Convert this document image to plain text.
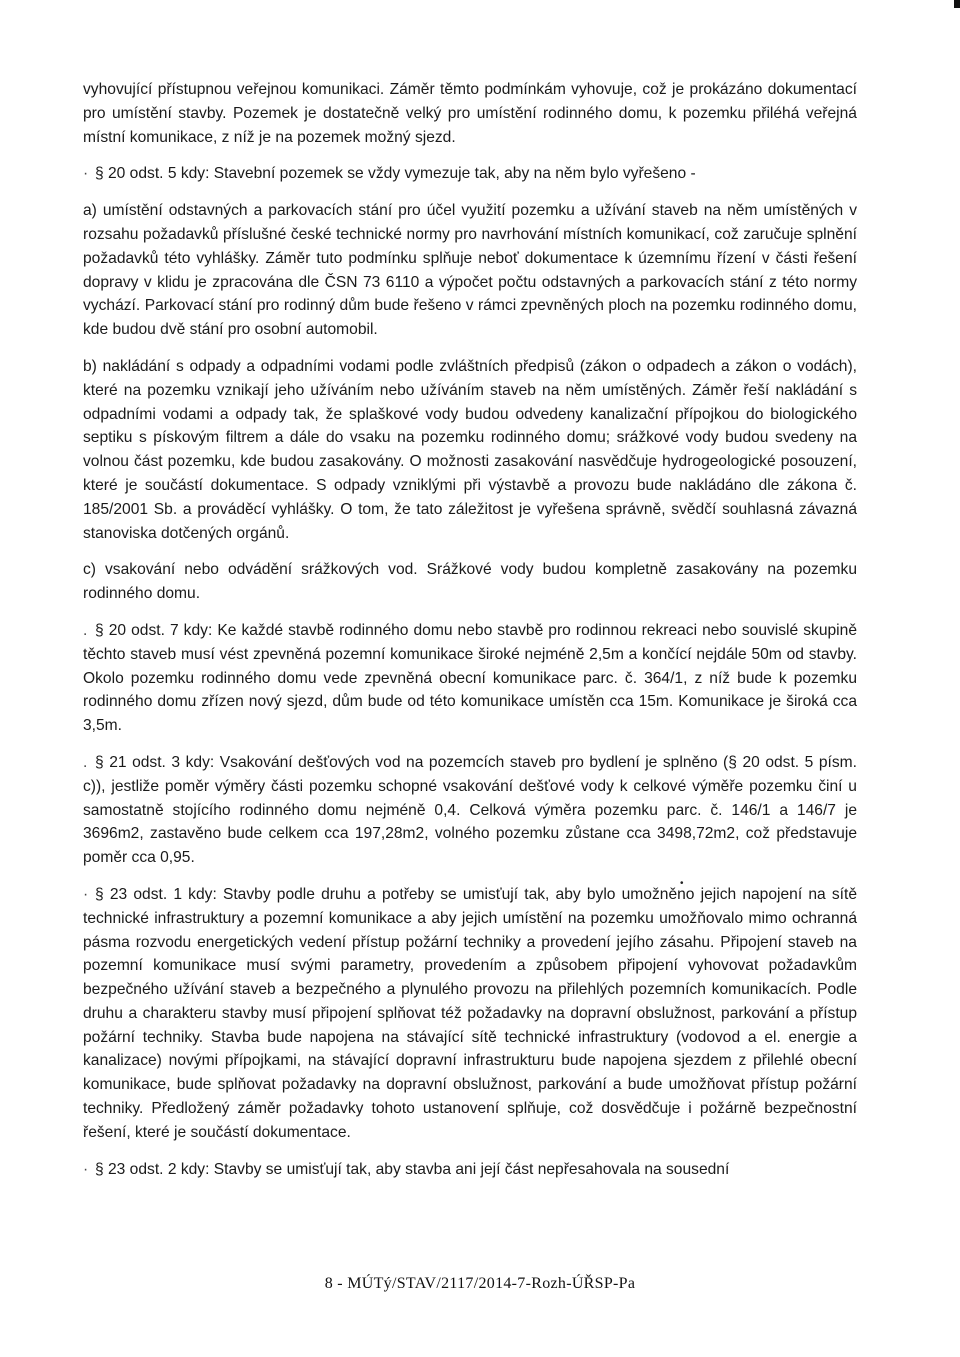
vyhovující přístupnou veřejnou komunikaci. Záměr těmto podmínkám vyhovuje, což je prokázáno dokumentací pro umístění stavby. Pozemek je dostatečně velký pro umístění rodinného domu, k pozemku přiléhá veřejná místní komunikace, z níž je na pozemek možný sjezd.

· § 20 odst. 5 kdy: Stavební pozemek se vždy vymezuje tak, aby na něm bylo vyřešeno -

a) umístění odstavných a parkovacích stání pro účel využití pozemku a užívání staveb na něm umístěných v rozsahu požadavků příslušné české technické normy pro navrhování místních komunikací, což zaručuje splnění požadavků této vyhlášky. Záměr tuto podmínku splňuje neboť dokumentace k územnímu řízení v části řešení dopravy v klidu je zpracována dle ČSN 73 6110 a výpočet počtu odstavných a parkovacích stání z této normy vychází. Parkovací stání pro rodinný dům bude řešeno v rámci zpevněných ploch na pozemku rodinného domu, kde budou dvě stání pro osobní automobil.

b) nakládání s odpady a odpadními vodami podle zvláštních předpisů (zákon o odpadech a zákon o vodách), které na pozemku vznikají jeho užíváním nebo užíváním staveb na něm umístěných. Záměr řeší nakládání s odpadními vodami a odpady tak, že splaškové vody budou odvedeny kanalizační přípojkou do biologického septiku s pískovým filtrem a dále do vsaku na pozemku rodinného domu; srážkové vody budou svedeny na volnou část pozemku, kde budou zasakovány. O možnosti zasakování nasvědčuje hydrogeologické posouzení, které je součástí dokumentace. S odpady vzniklými při výstavbě a provozu bude nakládáno dle zákona č. 185/2001 Sb. a prováděcí vyhlášky. O tom, že tato záležitost je vyřešena správně, svědčí souhlasná závazná stanoviska dotčených orgánů.

c) vsakování nebo odvádění srážkových vod. Srážkové vody budou kompletně zasakovány na pozemku rodinného domu.

. § 20 odst. 7 kdy: Ke každé stavbě rodinného domu nebo stavbě pro rodinnou rekreaci nebo souvislé skupině těchto staveb musí vést zpevněná pozemní komunikace široké nejméně 2,5m a končící nejdále 50m od stavby. Okolo pozemku rodinného domu vede zpevněná obecní komunikace parc. č. 364/1, z níž bude k pozemku rodinného domu zřízen nový sjezd, dům bude od této komunikace umístěn cca 15m. Komunikace je široká cca 3,5m.

. § 21 odst. 3 kdy: Vsakování dešťových vod na pozemcích staveb pro bydlení je splněno (§ 20 odst. 5 písm. c)), jestliže poměr výměry části pozemku schopné vsakování dešťové vody k celkové výměře pozemku činí u samostatně stojícího rodinného domu nejméně 0,4. Celková výměra pozemku parc. č. 146/1 a 146/7 je 3696m2, zastavěno bude celkem cca 197,28m2, volného pozemku zůstane cca 3498,72m2, což představuje poměr cca 0,95.

· § 23 odst. 1 kdy: Stavby podle druhu a potřeby se umisťují tak, aby bylo umožněno jejich napojení na sítě technické infrastruktury a pozemní komunikace a aby jejich umístění na pozemku umožňovalo mimo ochranná pásma rozvodu energetických vedení přístup požární techniky a provedení jejího zásahu. Připojení staveb na pozemní komunikace musí svými parametry, provedením a způsobem připojení vyhovovat požadavkům bezpečného užívání staveb a bezpečného a plynulého provozu na přilehlých pozemních komunikacích. Podle druhu a charakteru stavby musí připojení splňovat též požadavky na dopravní obslužnost, parkování a přístup požární techniky. Stavba bude napojena na stávající sítě technické infrastruktury (vodovod a el. energie a kanalizace) novými přípojkami, na stávající dopravní infrastrukturu bude napojena sjezdem z přilehlé obecní komunikace, bude splňovat požadavky na dopravní obslužnost, parkování a bude umožňovat přístup požární techniky. Předložený záměr požadavky tohoto ustanovení splňuje, což dosvědčuje i požárně bezpečnostní řešení, které je součástí dokumentace.

· § 23 odst. 2 kdy: Stavby se umisťují tak, aby stavba ani její část nepřesahovala na sousední

•
8 - MÚTý/STAV/2117/2014-7-Rozh-ÚŘSP-Pa
